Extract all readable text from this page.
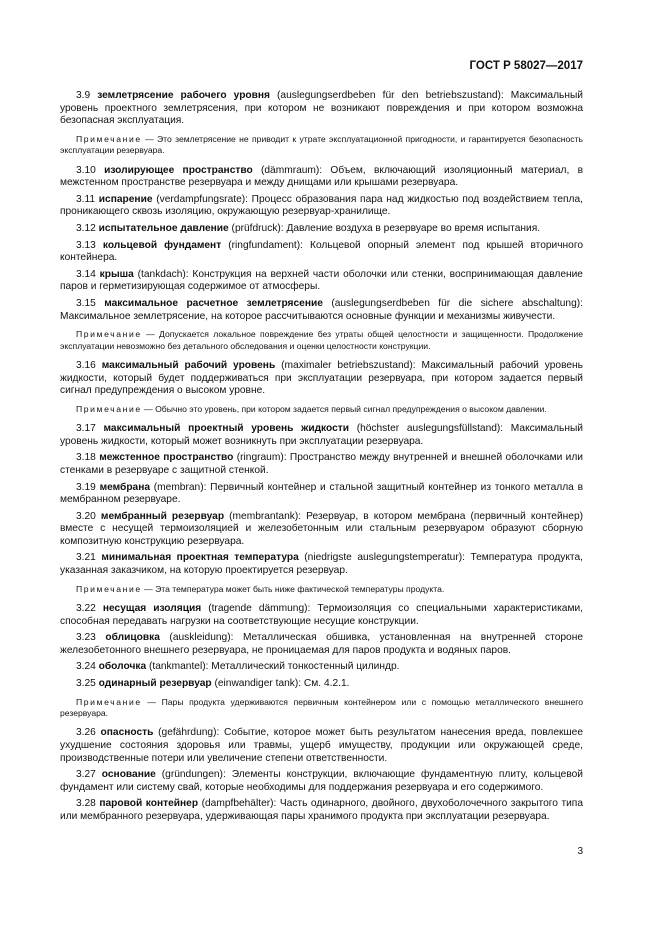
ГОСТ Р 58027—2017

3.9 землетрясение рабочего уровня (auslegungserdbeben für den betriebszustand): Максимальный уровень проектного землетрясения, при котором не возникают повреждения и при котором возможна безопасная эксплуатация.

Примечание — Это землетрясение не приводит к утрате эксплуатационной пригодности, и гарантируется безопасность эксплуатации резервуара.

3.10 изолирующее пространство (dämmraum): Объем, включающий изоляционный материал, в межстенном пространстве резервуара и между днищами или крышами резервуара.

3.11 испарение (verdampfungsrate): Процесс образования пара над жидкостью под воздействием тепла, проникающего сквозь изоляцию, окружающую резервуар-хранилище.

3.12 испытательное давление (prüfdruck): Давление воздуха в резервуаре во время испытания.

3.13 кольцевой фундамент (ringfundament): Кольцевой опорный элемент под крышей вторичного контейнера.

3.14 крыша (tankdach): Конструкция на верхней части оболочки или стенки, воспринимающая давление паров и герметизирующая содержимое от атмосферы.

3.15 максимальное расчетное землетрясение (auslegungserdbeben für die sichere abschaltung): Максимальное землетрясение, на которое рассчитываются основные функции и механизмы живучести.

Примечание — Допускается локальное повреждение без утраты общей целостности и защищенности. Продолжение эксплуатации невозможно без детального обследования и оценки целостности конструкции.

3.16 максимальный рабочий уровень (maximaler betriebszustand): Максимальный рабочий уровень жидкости, который будет поддерживаться при эксплуатации резервуара, при котором задается первый сигнал предупреждения о высоком уровне.

Примечание — Обычно это уровень, при котором задается первый сигнал предупреждения о высоком давлении.

3.17 максимальный проектный уровень жидкости (höchster auslegungsfüllstand): Максимальный уровень жидкости, который может возникнуть при эксплуатации резервуара.

3.18 межстенное пространство (ringraum): Пространство между внутренней и внешней оболочками или стенками в резервуаре с защитной стенкой.

3.19 мембрана (membran): Первичный контейнер и стальной защитный контейнер из тонкого металла в мембранном резервуаре.

3.20 мембранный резервуар (membrantank): Резервуар, в котором мембрана (первичный контейнер) вместе с несущей термоизоляцией и железобетонным или стальным резервуаром образуют сборную композитную конструкцию резервуара.

3.21 минимальная проектная температура (niedrigste auslegungstemperatur): Температура продукта, указанная заказчиком, на которую проектируется резервуар.

Примечание — Эта температура может быть ниже фактической температуры продукта.

3.22 несущая изоляция (tragende dämmung): Термоизоляция со специальными характеристиками, способная передавать нагрузки на соответствующие несущие конструкции.

3.23 облицовка (auskleidung): Металлическая обшивка, установленная на внутренней стороне железобетонного внешнего резервуара, не проницаемая для паров продукта и водяных паров.

3.24 оболочка (tankmantel): Металлический тонкостенный цилиндр.

3.25 одинарный резервуар (einwandiger tank): См. 4.2.1.

Примечание — Пары продукта удерживаются первичным контейнером или с помощью металлического внешнего резервуара.

3.26 опасность (gefährdung): Событие, которое может быть результатом нанесения вреда, повлекшее ухудшение состояния здоровья или травмы, ущерб имуществу, продукции или окружающей среде, производственные потери или увеличение степени ответственности.

3.27 основание (gründungen): Элементы конструкции, включающие фундаментную плиту, кольцевой фундамент или систему свай, которые необходимы для поддержания резервуара и его содержимого.

3.28 паровой контейнер (dampfbehälter): Часть одинарного, двойного, двухоболочечного закрытого типа или мембранного резервуара, удерживающая пары хранимого продукта при эксплуатации резервуара.

3
